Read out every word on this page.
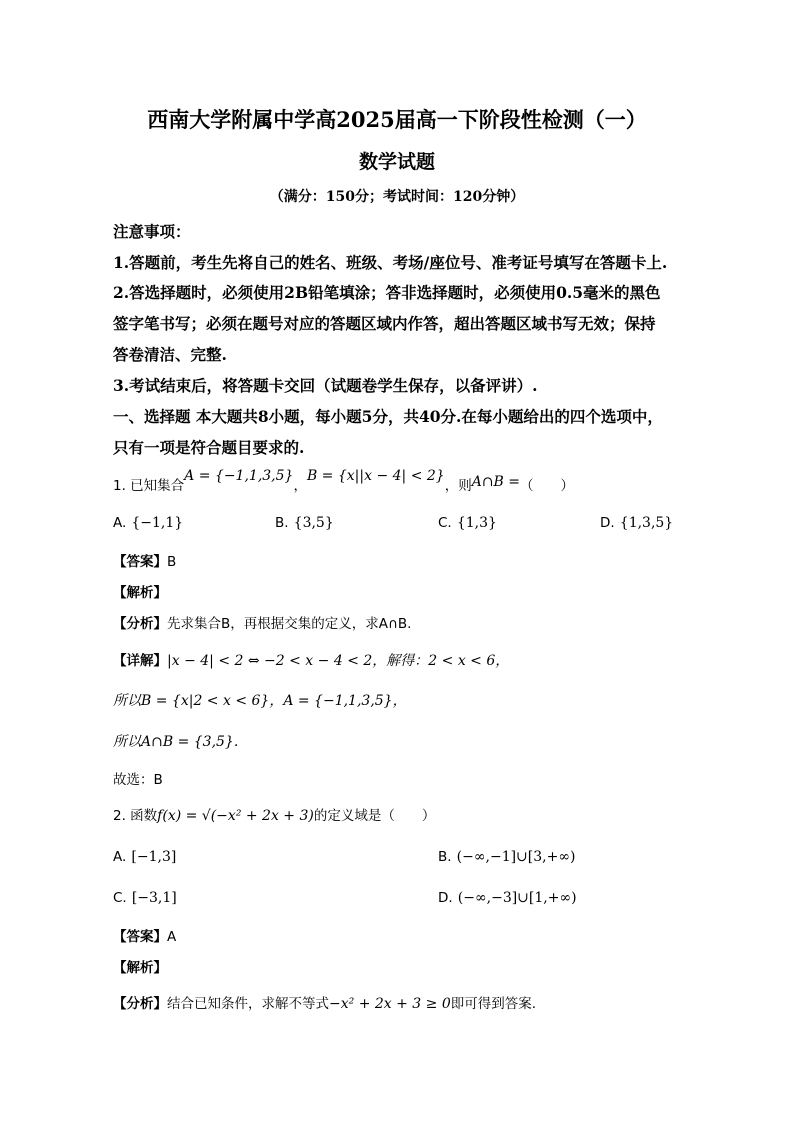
西南大学附属中学高2025届高一下阶段性检测（一）
数学试题
（满分：150分；考试时间：120分钟）
注意事项：
1.答题前，考生先将自己的姓名、班级、考场/座位号、准考证号填写在答题卡上.
2.答选择题时，必须使用2B铅笔填涂；答非选择题时，必须使用0.5毫米的黑色
签字笔书写；必须在题号对应的答题区域内作答，超出答题区域书写无效；保持
答卷清洁、完整.
3.考试结束后，将答题卡交回（试题卷学生保存，以备评讲）.
一、选择题 本大题共8小题，每小题5分，共40分.在每小题给出的四个选项中，
只有一项是符合题目要求的.
1. 已知集合A = {−1,1,3,5}，B = {x||x − 4| < 2}，则A∩B =（　　）
A. {−1,1}	B. {3,5}	C. {1,3}	D. {1,3,5}
【答案】B
【解析】
【分析】先求集合B，再根据交集的定义，求A∩B.
【详解】|x − 4| < 2 ⇔ −2 < x − 4 < 2，解得：2 < x < 6，
所以B = {x|2 < x < 6}，A = {−1,1,3,5}，
所以A∩B = {3,5}.
故选：B
2. 函数f(x) = √(−x² + 2x + 3)的定义域是（　　）
A. [−1,3]	B. (−∞,−1]∪[3,+∞)
C. [−3,1]	D. (−∞,−3]∪[1,+∞)
【答案】A
【解析】
【分析】结合已知条件，求解不等式−x² + 2x + 3 ≥ 0即可得到答案.
